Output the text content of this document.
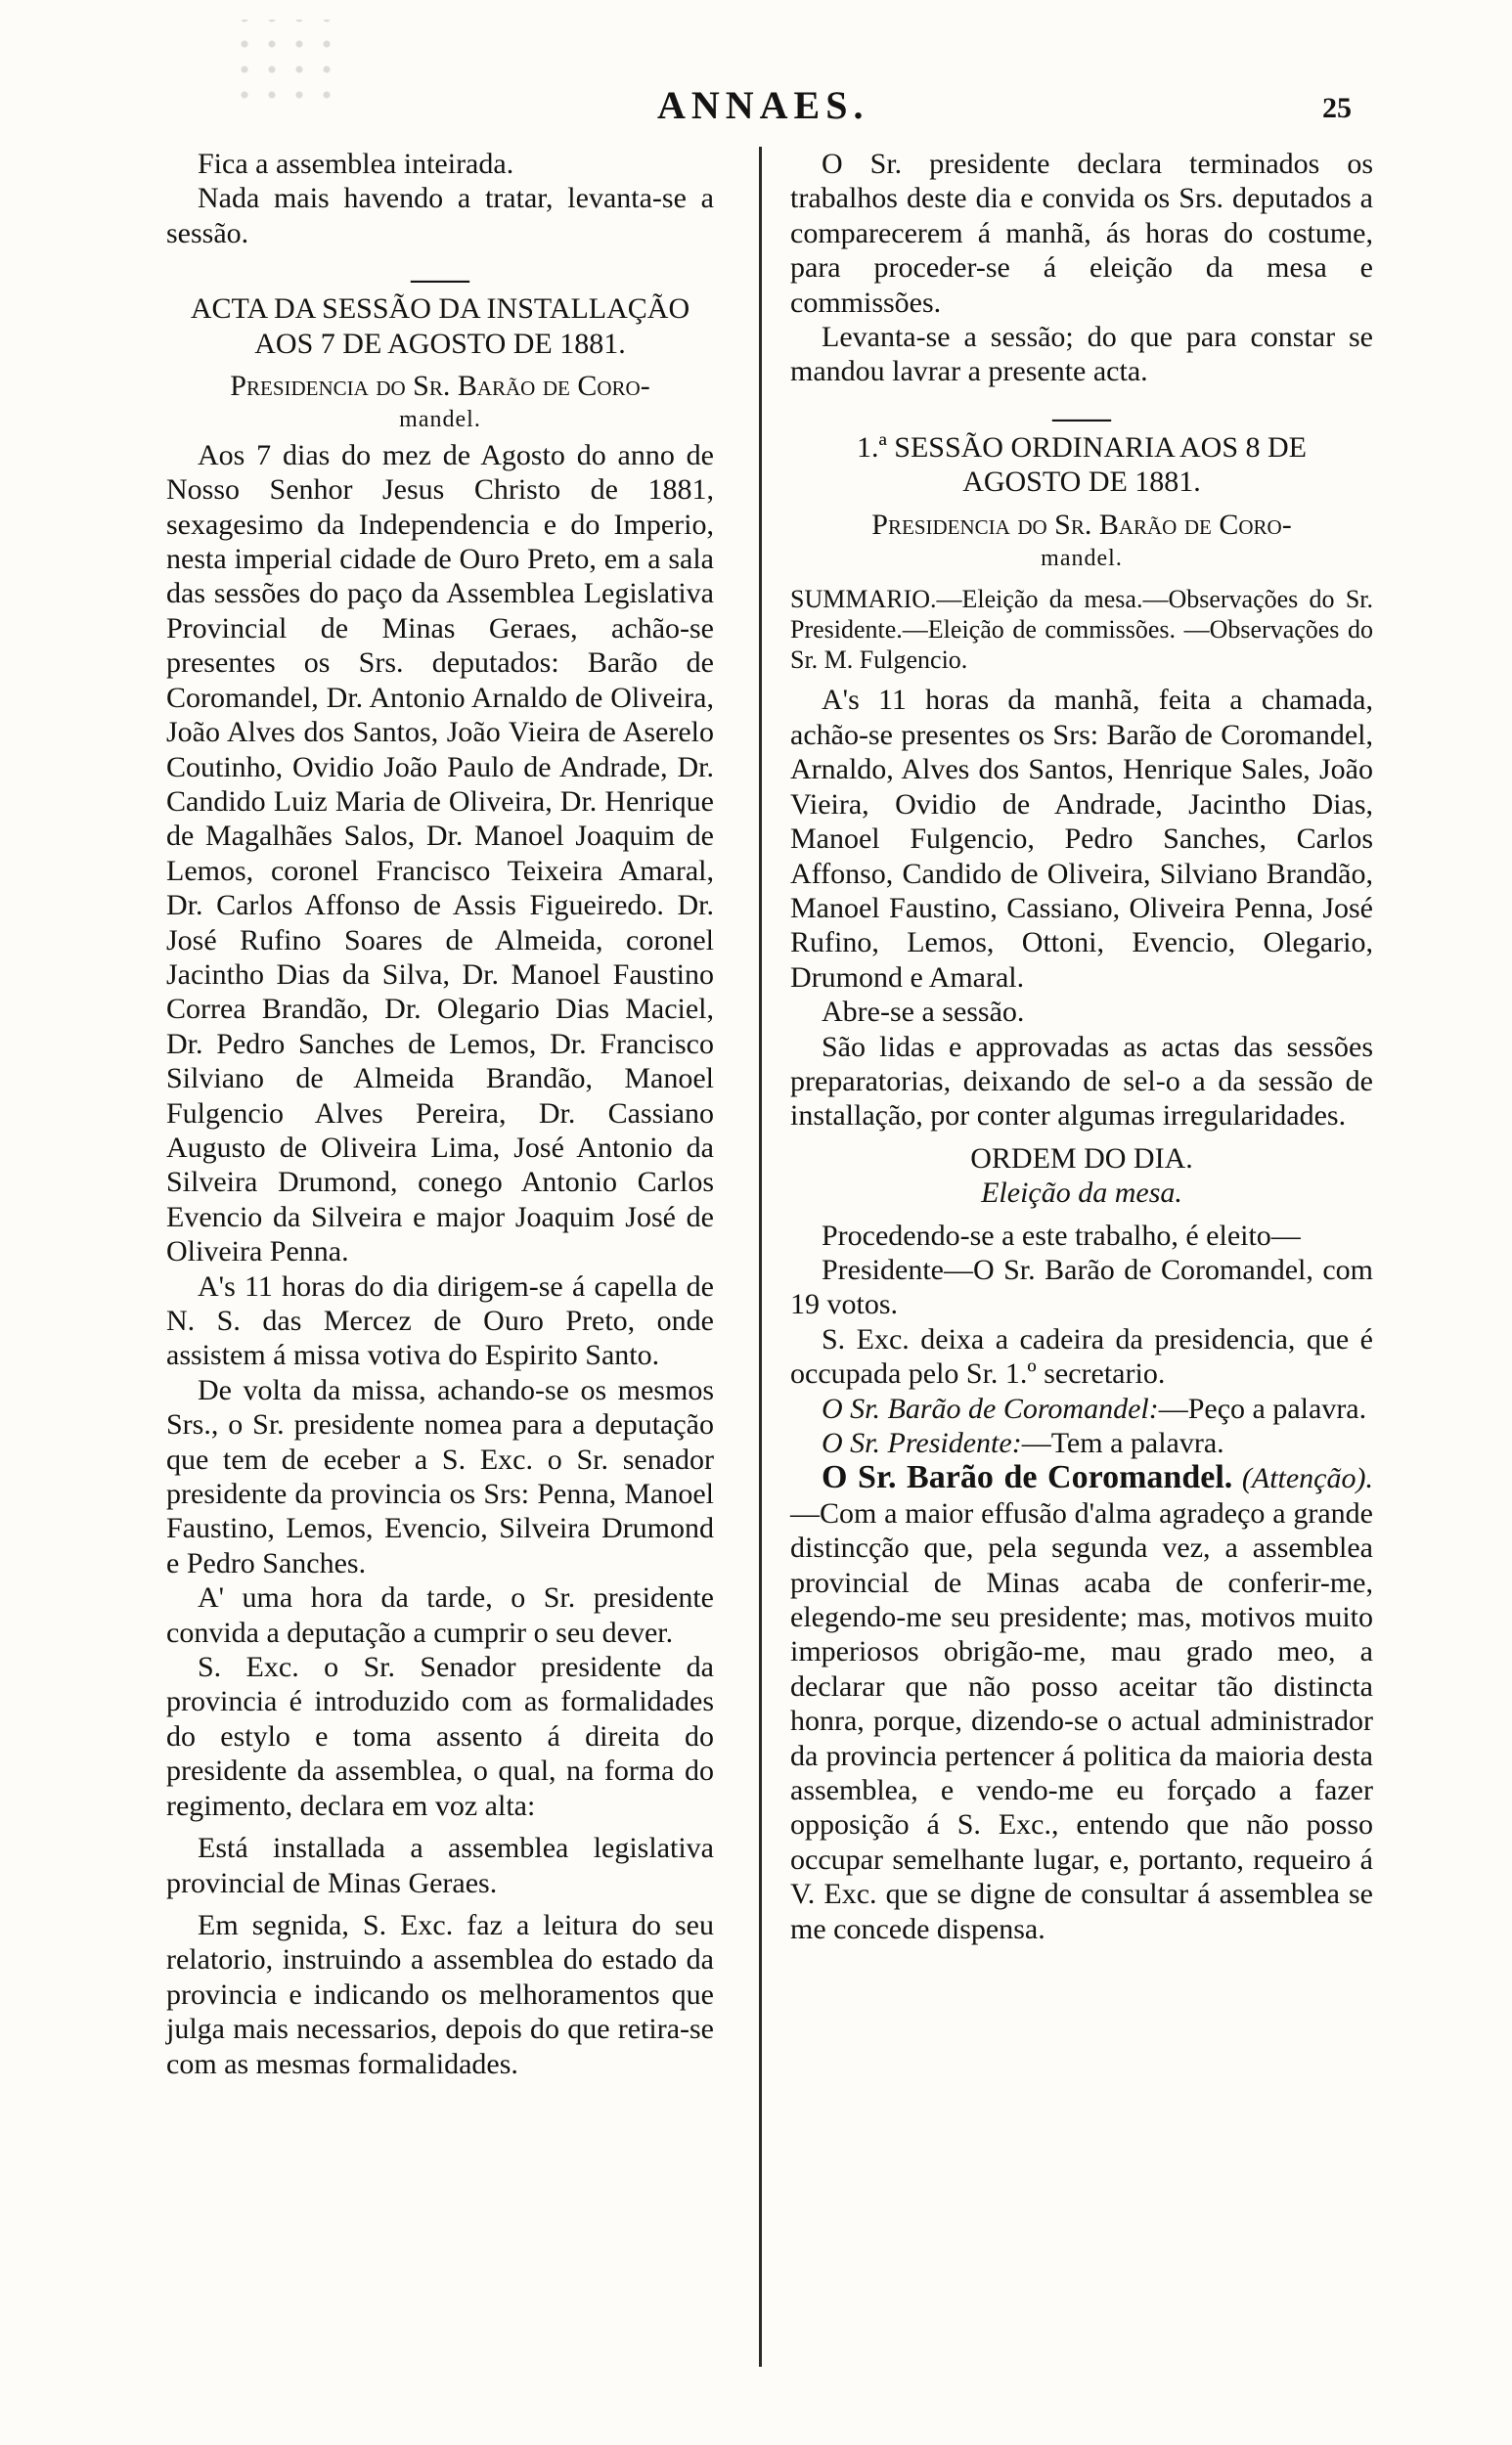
ANNAES.	25

Fica a assemblea inteirada.

Nada mais havendo a tratar, levanta-se a sessão.

——

ACTA DA SESSÃO DA INSTALLAÇÃO

AOS 7 DE AGOSTO DE 1881.

Presidencia do Sr. Barão de Coro-

mandel.

Aos 7 dias do mez de Agosto do anno de Nosso Senhor Jesus Christo de 1881, sexagesimo da Independencia e do Imperio, nesta imperial cidade de Ouro Preto, em a sala das sessões do paço da Assemblea Legislativa Provincial de Minas Geraes, achão-se presentes os Srs. deputados: Barão de Coromandel, Dr. Antonio Arnaldo de Oliveira, João Alves dos Santos, João Vieira de Aserelo Coutinho, Ovidio João Paulo de Andrade, Dr. Candido Luiz Maria de Oliveira, Dr. Henrique de Magalhães Salos, Dr. Manoel Joaquim de Lemos, coronel Francisco Teixeira Amaral, Dr. Carlos Affonso de Assis Figueiredo. Dr. José Rufino Soares de Almeida, coronel Jacintho Dias da Silva, Dr. Manoel Faustino Correa Brandão, Dr. Olegario Dias Maciel, Dr. Pedro Sanches de Lemos, Dr. Francisco Silviano de Almeida Brandão, Manoel Fulgencio Alves Pereira, Dr. Cassiano Augusto de Oliveira Lima, José Antonio da Silveira Drumond, conego Antonio Carlos Evencio da Silveira e major Joaquim José de Oliveira Penna.

A's 11 horas do dia dirigem-se á capella de N. S. das Mercez de Ouro Preto, onde assistem á missa votiva do Espirito Santo.

De volta da missa, achando-se os mesmos Srs., o Sr. presidente nomea para a deputação que tem de eceber a S. Exc. o Sr. senador presidente da provincia os Srs: Penna, Manoel Faustino, Lemos, Evencio, Silveira Drumond e Pedro Sanches.

A' uma hora da tarde, o Sr. presidente convida a deputação a cumprir o seu dever.

S. Exc. o Sr. Senador presidente da provincia é introduzido com as formalidades do estylo e toma assento á direita do presidente da assemblea, o qual, na forma do regimento, declara em voz alta:

Está installada a assemblea legislativa provincial de Minas Geraes.

Em segnida, S. Exc. faz a leitura do seu relatorio, instruindo a assemblea do estado da provincia e indicando os melhoramentos que julga mais necessarios, depois do que retira-se com as mesmas formalidades.

O Sr. presidente declara terminados os trabalhos deste dia e convida os Srs. deputados a comparecerem á manhã, ás horas do costume, para proceder-se á eleição da mesa e commissões.

Levanta-se a sessão; do que para constar se mandou lavrar a presente acta.

——

1.ª SESSÃO ORDINARIA AOS 8 DE

AGOSTO DE 1881.

Presidencia do Sr. Barão de Coro-

mandel.

SUMMARIO.—Eleição da mesa.—Observações do Sr. Presidente.—Eleição de commissões. —Observações do Sr. M. Fulgencio.

A's 11 horas da manhã, feita a chamada, achão-se presentes os Srs: Barão de Coromandel, Arnaldo, Alves dos Santos, Henrique Sales, João Vieira, Ovidio de Andrade, Jacintho Dias, Manoel Fulgencio, Pedro Sanches, Carlos Affonso, Candido de Oliveira, Silviano Brandão, Manoel Faustino, Cassiano, Oliveira Penna, José Rufino, Lemos, Ottoni, Evencio, Olegario, Drumond e Amaral.

Abre-se a sessão.

São lidas e approvadas as actas das sessões preparatorias, deixando de sel-o a da sessão de installação, por conter algumas irregularidades.

ORDEM DO DIA.

Eleição da mesa.

Procedendo-se a este trabalho, é eleito—

Presidente—O Sr. Barão de Coromandel, com 19 votos.

S. Exc. deixa a cadeira da presidencia, que é occupada pelo Sr. 1.º secretario.

O Sr. Barão de Coromandel:—Peço a palavra.

O Sr. Presidente:—Tem a palavra.

O Sr. Barão de Coromandel. (Attenção).—Com a maior effusão d'alma agradeço a grande distincção que, pela segunda vez, a assemblea provincial de Minas acaba de conferir-me, elegendo-me seu presidente; mas, motivos muito imperiosos obrigão-me, mau grado meo, a declarar que não posso aceitar tão distincta honra, porque, dizendo-se o actual administrador da provincia pertencer á politica da maioria desta assemblea, e vendo-me eu forçado a fazer opposição á S. Exc., entendo que não posso occupar semelhante lugar, e, portanto, requeiro á V. Exc. que se digne de consultar á assemblea se me concede dispensa.
